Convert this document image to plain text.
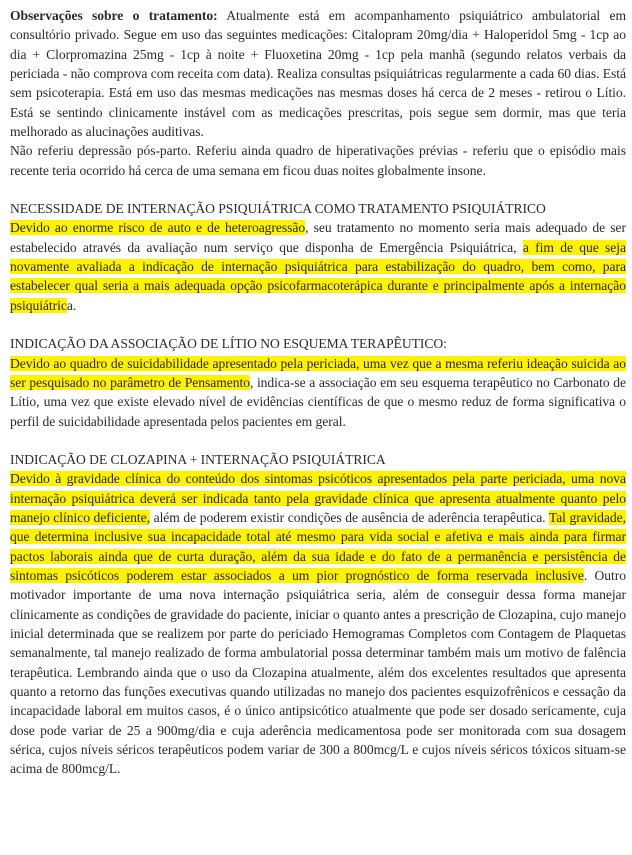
Observações sobre o tratamento: Atualmente está em acompanhamento psiquiátrico ambulatorial em consultório privado. Segue em uso das seguintes medicações: Citalopram 20mg/dia + Haloperidol 5mg - 1cp ao dia + Clorpromazina 25mg - 1cp à noite + Fluoxetina 20mg - 1cp pela manhã (segundo relatos verbais da periciada - não comprova com receita com data). Realiza consultas psiquiátricas regularmente a cada 60 dias. Está sem psicoterapia. Está em uso das mesmas medicações nas mesmas doses há cerca de 2 meses - retirou o Lítio. Está se sentindo clinicamente instável com as medicações prescritas, pois segue sem dormir, mas que teria melhorado as alucinações auditivas.

Não referiu depressão pós-parto. Referiu ainda quadro de hiperativações prévias - referiu que o episódio mais recente teria ocorrido há cerca de uma semana em ficou duas noites globalmente insone.

NECESSIDADE DE INTERNAÇÃO PSIQUIÁTRICA COMO TRATAMENTO PSIQUIÁTRICO

Devido ao enorme risco de auto e de heteroagressão, seu tratamento no momento seria mais adequado de ser estabelecido através da avaliação num serviço que disponha de Emergência Psiquiátrica, a fim de que seja novamente avaliada a indicação de internação psiquiátrica para estabilização do quadro, bem como, para estabelecer qual seria a mais adequada opção psicofarmacoterápica durante e principalmente após a internação psiquiátrica.

INDICAÇÃO DA ASSOCIAÇÃO DE LÍTIO NO ESQUEMA TERAPÊUTICO:

Devido ao quadro de suicidabilidade apresentado pela periciada, uma vez que a mesma referiu ideação suicida ao ser pesquisado no parâmetro de Pensamento, indica-se a associação em seu esquema terapêutico no Carbonato de Lítio, uma vez que existe elevado nível de evidências científicas de que o mesmo reduz de forma significativa o perfil de suicidabilidade apresentada pelos pacientes em geral.

INDICAÇÃO DE CLOZAPINA + INTERNAÇÃO PSIQUIÁTRICA

Devido à gravidade clínica do conteúdo dos sintomas psicóticos apresentados pela parte periciada, uma nova internação psiquiátrica deverá ser indicada tanto pela gravidade clínica que apresenta atualmente quanto pelo manejo clínico deficiente, além de poderem existir condições de ausência de aderência terapêutica. Tal gravidade, que determina inclusive sua incapacidade total até mesmo para vida social e afetiva e mais ainda para firmar pactos laborais ainda que de curta duração, além da sua idade e do fato de a permanência e persistência de sintomas psicóticos poderem estar associados a um pior prognóstico de forma reservada inclusive. Outro motivador importante de uma nova internação psiquiátrica seria, além de conseguir dessa forma manejar clinicamente as condições de gravidade do paciente, iniciar o quanto antes a prescrição de Clozapina, cujo manejo inicial determinada que se realizem por parte do periciado Hemogramas Completos com Contagem de Plaquetas semanalmente, tal manejo realizado de forma ambulatorial possa determinar também mais um motivo de falência terapêutica. Lembrando ainda que o uso da Clozapina atualmente, além dos excelentes resultados que apresenta quanto a retorno das funções executivas quando utilizadas no manejo dos pacientes esquizofrênicos e cessação da incapacidade laboral em muitos casos, é o único antipsicótico atualmente que pode ser dosado sericamente, cuja dose pode variar de 25 a 900mg/dia e cuja aderência medicamentosa pode ser monitorada com sua dosagem sérica, cujos níveis séricos terapêuticos podem variar de 300 a 800mcg/L e cujos níveis séricos tóxicos situam-se acima de 800mcg/L.
